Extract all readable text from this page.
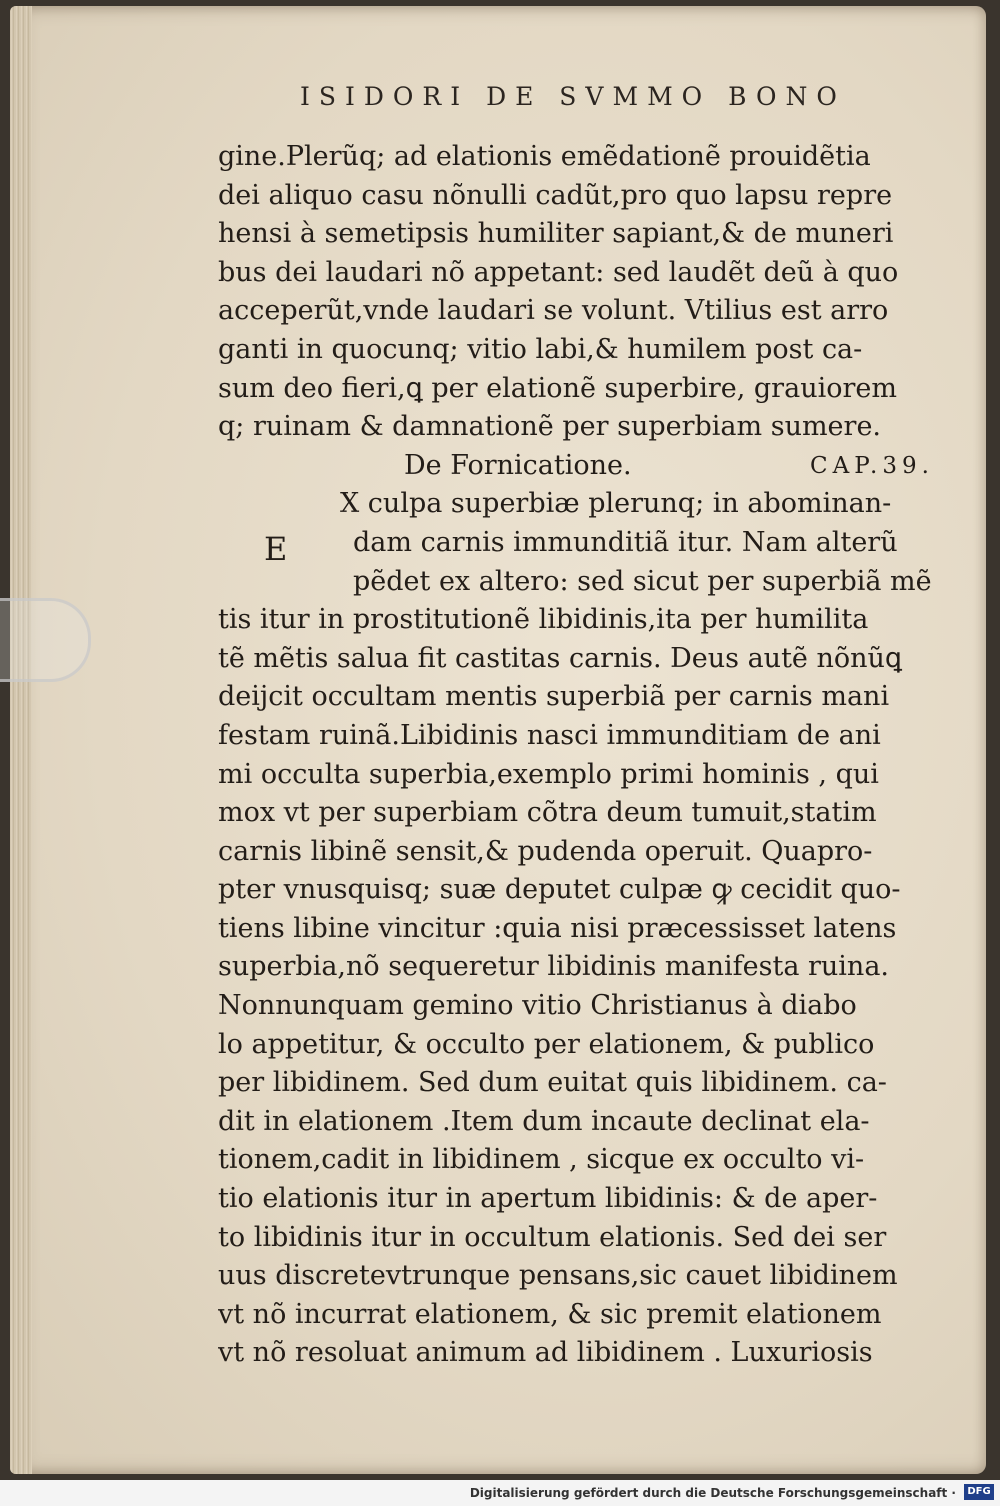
ISIDORI DE SVMMO BONO
gine.Plerũq; ad elationis emẽdationẽ prouidẽtia
dei aliquo casu nõnulli cadũt,pro quo lapsu repre
hensi à semetipsis humiliter sapiant,& de muneri
bus dei laudari nõ appetant: sed laudẽt deũ à quo
acceperũt,vnde laudari se volunt. Vtilius est arro
ganti in quocunq; vitio labi,& humilem post ca-
sum deo fieri,ꝗ per elationẽ superbire, grauiorem
q; ruinam & damnationẽ per superbiam sumere.
De Fornicatione.	CAP.39.
X culpa superbiæ plerunq; in abominan-
dam carnis immunditiã itur. Nam alterũ
pẽdet ex altero: sed sicut per superbiã mẽ
tis itur in prostitutionẽ libidinis,ita per humilita
tẽ mẽtis salua fit castitas carnis. Deus autẽ nõnũꝗ
deijcit occultam mentis superbiã per carnis mani
festam ruinã.Libidinis nasci immunditiam de ani
mi occulta superbia,exemplo primi hominis , qui
mox vt per superbiam cõtra deum tumuit,statim
carnis libinẽ sensit,& pudenda operuit. Quapro-
pter vnusquisq; suæ deputet culpæ ꝙ cecidit quo-
tiens libine vincitur :quia nisi præcessisset latens
superbia,nõ sequeretur libidinis manifesta ruina.
Nonnunquam gemino vitio Christianus à diabo
lo appetitur, & occulto per elationem, & publico
per libidinem. Sed dum euitat quis libidinem. ca-
dit in elationem .Item dum incaute declinat ela-
tionem,cadit in libidinem , sicque ex occulto vi-
tio elationis itur in apertum libidinis: & de aper-
to libidinis itur in occultum elationis. Sed dei ser
uus discretevtrunque pensans,sic cauet libidinem
vt nõ incurrat elationem, & sic premit elationem
vt nõ resoluat animum ad libidinem . Luxuriosis
E
Digitalisierung gefördert durch die Deutsche Forschungsgemeinschaft ·	DFG
